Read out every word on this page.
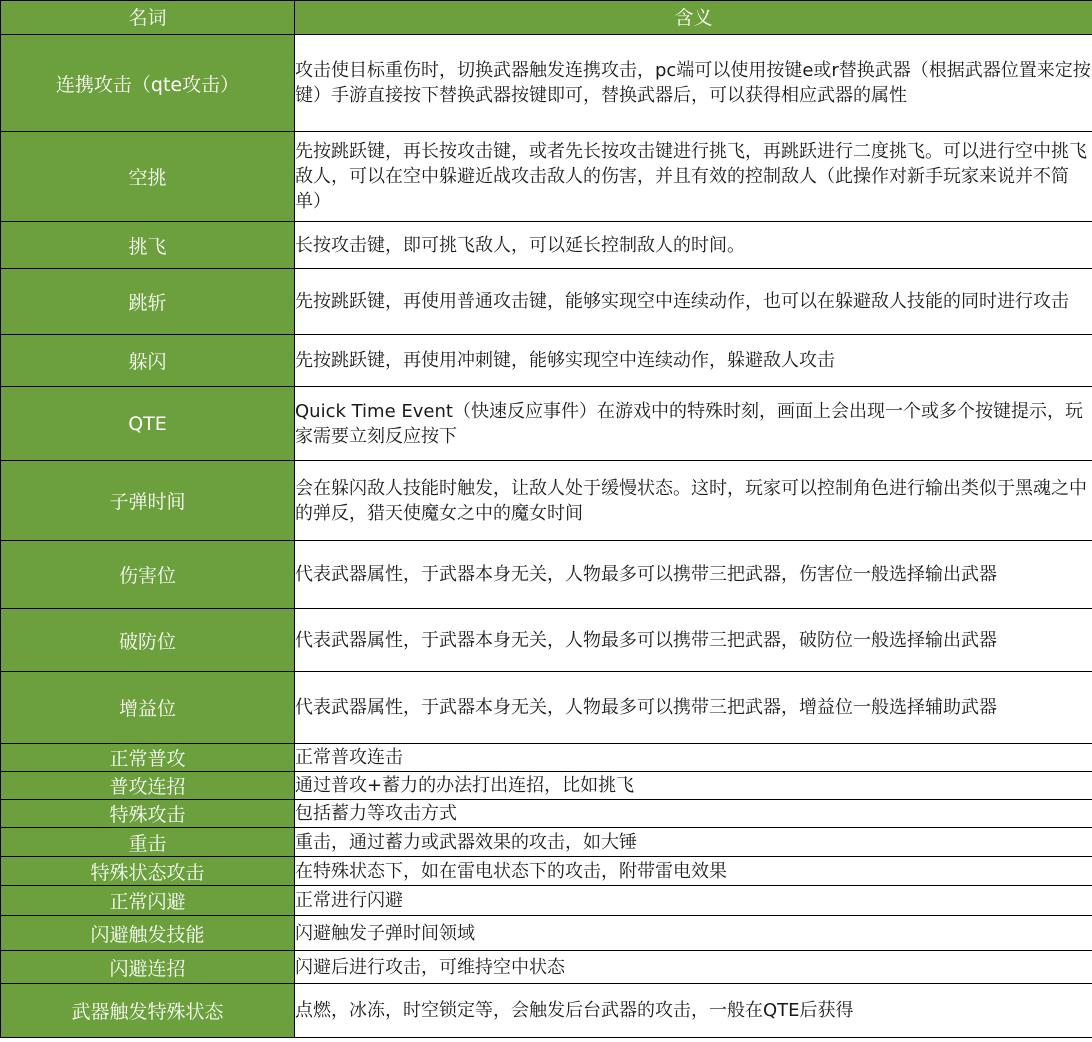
名词	含义
连携攻击（qte攻击）	攻击使目标重伤时，切换武器触发连携攻击，pc端可以使用按键e或r替换武器（根据武器位置来定按键）手游直接按下替换武器按键即可，替换武器后，可以获得相应武器的属性
空挑	先按跳跃键，再长按攻击键，或者先长按攻击键进行挑飞，再跳跃进行二度挑飞。可以进行空中挑飞敌人，可以在空中躲避近战攻击敌人的伤害，并且有效的控制敌人（此操作对新手玩家来说并不简单）
挑飞	长按攻击键，即可挑飞敌人，可以延长控制敌人的时间。
跳斩	先按跳跃键，再使用普通攻击键，能够实现空中连续动作，也可以在躲避敌人技能的同时进行攻击
躲闪	先按跳跃键，再使用冲刺键，能够实现空中连续动作，躲避敌人攻击
QTE	Quick Time Event（快速反应事件）在游戏中的特殊时刻，画面上会出现一个或多个按键提示，玩家需要立刻反应按下
子弹时间	会在躲闪敌人技能时触发，让敌人处于缓慢状态。这时，玩家可以控制角色进行输出类似于黑魂之中的弹反，猎天使魔女之中的魔女时间
伤害位	代表武器属性，于武器本身无关，人物最多可以携带三把武器，伤害位一般选择输出武器
破防位	代表武器属性，于武器本身无关，人物最多可以携带三把武器，破防位一般选择输出武器
增益位	代表武器属性，于武器本身无关，人物最多可以携带三把武器，增益位一般选择辅助武器
正常普攻	正常普攻连击
普攻连招	通过普攻+蓄力的办法打出连招，比如挑飞
特殊攻击	包括蓄力等攻击方式
重击	重击，通过蓄力或武器效果的攻击，如大锤
特殊状态攻击	在特殊状态下，如在雷电状态下的攻击，附带雷电效果
正常闪避	正常进行闪避
闪避触发技能	闪避触发子弹时间领域
闪避连招	闪避后进行攻击，可维持空中状态
武器触发特殊状态	点燃，冰冻，时空锁定等，会触发后台武器的攻击，一般在QTE后获得
